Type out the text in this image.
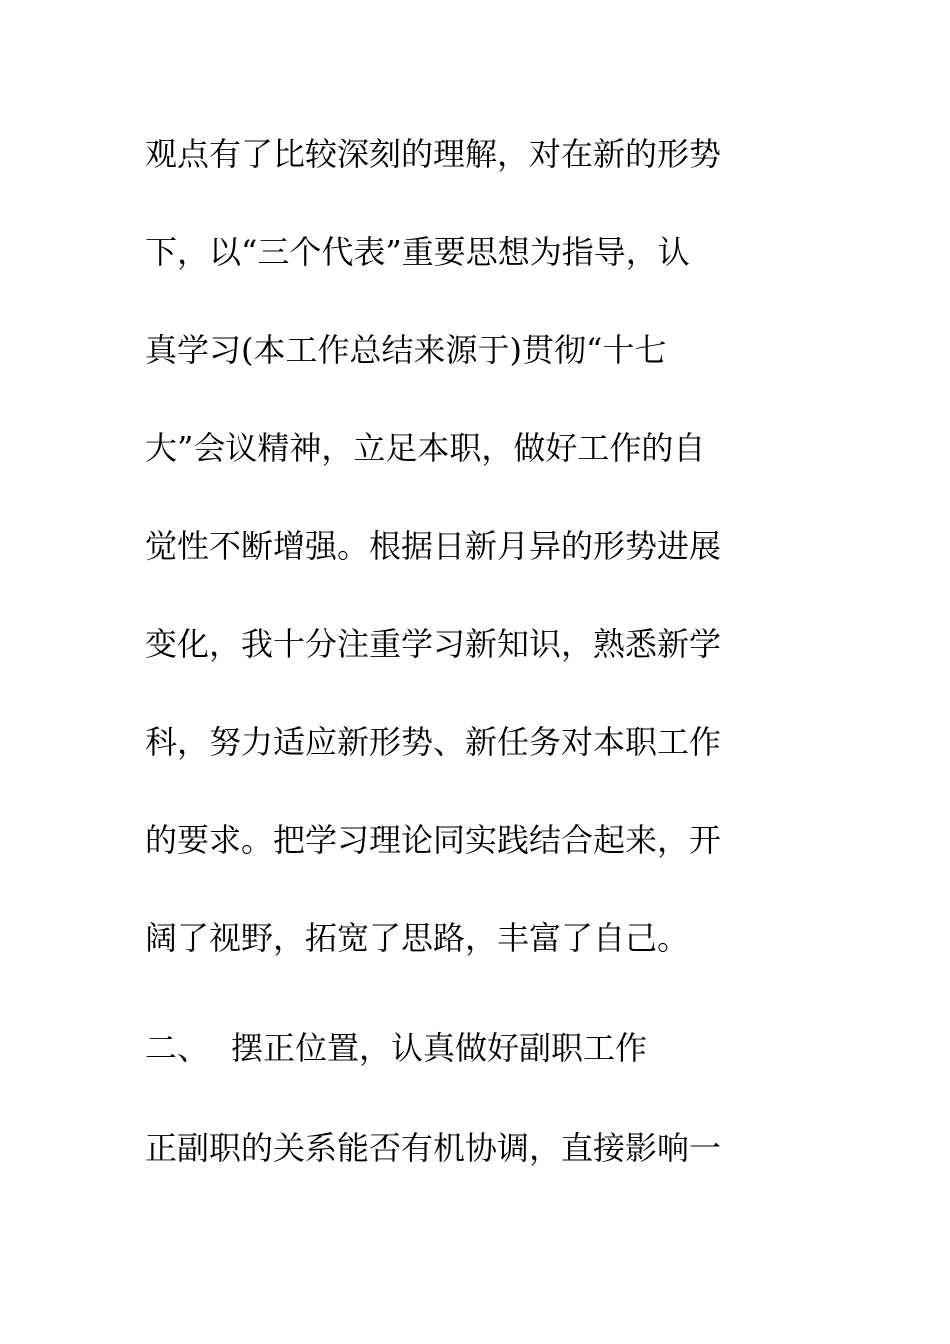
观点有了比较深刻的理解，对在新的形势
下，以“三个代表”重要思想为指导，认
真学习(本工作总结来源于)贯彻“十七
大”会议精神，立足本职，做好工作的自
觉性不断增强。根据日新月异的形势进展
变化，我十分注重学习新知识，熟悉新学
科，努力适应新形势、新任务对本职工作
的要求。把学习理论同实践结合起来，开
阔了视野，拓宽了思路，丰富了自己。
二、 摆正位置，认真做好副职工作
正副职的关系能否有机协调，直接影响一
